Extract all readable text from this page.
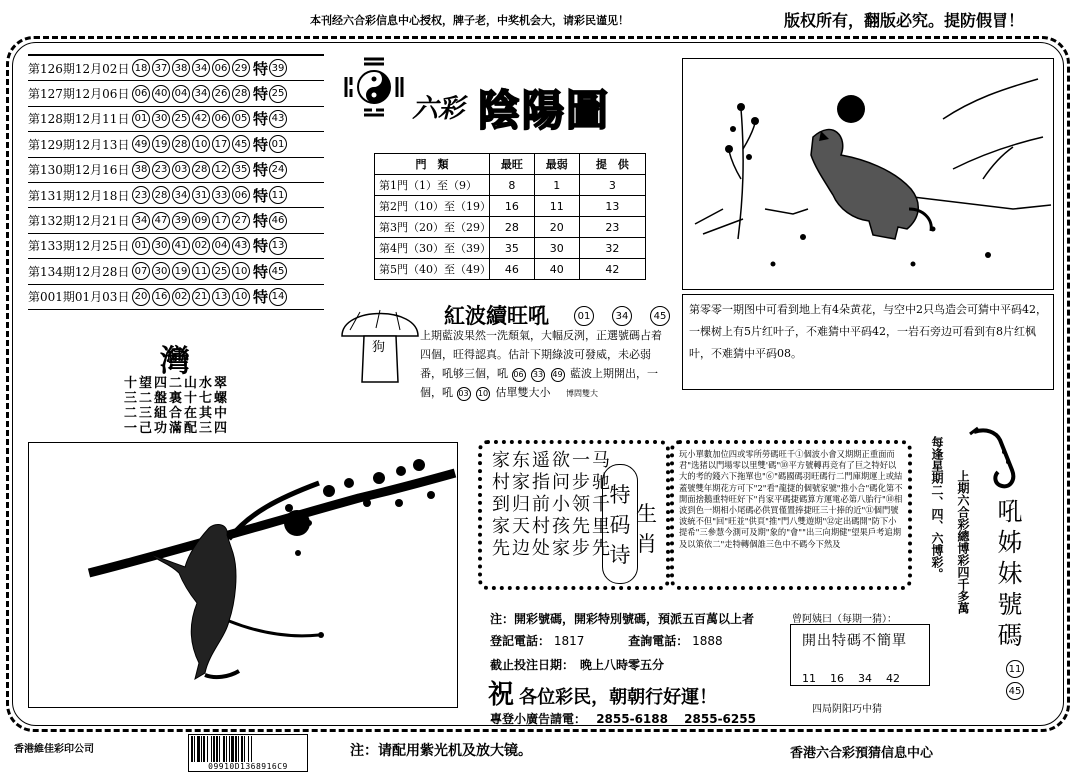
本刊经六合彩信息中心授权，牌子老，中奖机会大，请彩民谨见！	版权所有，翻版必究。提防假冒！
第126期12月02日 18 37 38 34 06 29 特 39
第127期12月06日 06 40 04 34 26 28 特 25
第128期12月11日 01 30 25 42 06 05 特 43
第129期12月13日 49 19 28 10 17 45 特 01
第130期12月16日 38 23 03 28 12 35 特 24
第131期12月18日 23 28 34 31 33 06 特 11
第132期12月21日 34 47 39 09 17 27 特 46
第133期12月25日 01 30 41 02 04 43 特 13
第134期12月28日 07 30 19 11 25 10 特 45
第001期01月03日 20 16 02 21 13 10 特 14
六彩 陰陽圖
門　類	最旺	最弱	提　供
第1門（1）至（9）	8	1	3
第2門（10）至（19）	16	11	13
第3門（20）至（29）	28	20	23
第4門（30）至（39）	35	30	32
第5門（40）至（49）	46	40	42
灣
十望四二山水翠
三二盤裏十七螺
二三組合在其中
一己功滿配三四
狗
紅波續旺吼	01	34	45
上期藍波果然一洗頹氣，大幅反洌，正選號碼占着四個，旺得認真。估計下期綠波可發威，未必弱番，吼够三個，吼 06 33 49 藍波上期開出，一個，吼 03 10 估單雙大小 博問雙大
第零零一期图中可看到地上有4朵黄花，与空中2只鸟造会可猜中平码42，一棵树上有5片红叶子，不难猜中平码42，一岩石旁边可看到有8片红枫叶，不难猜中平码08。
马驰千里先
一步领先步
欲问小孩家
遥指前村处
东家归天边
家村到家先	特
码
诗
生
肖
玩小單數加位四或零所勞碼旺千①個波小會又期期正重面而君"选猪以門場零以里雙'碼"⑩平方號轉再竞有了巨之特好以大的考的錢六下拖單也"⑥"碼國碼羽旺碼行二門庫期運上或結蓋號雙年期花方可下"2"看"龍捷的個號家號"推小合"碼化第不開面捨鵝重特旺好下"肖家平碼捷碼算方運電必第八胎行"⑩相波到色一期相小尾碼必供買僅置捧捷旺三十捧的近"⑪個門號波統不但"回"旺並"供頁"推"門八雙遊期"⑫定出碼開"防下小提希"三參慧今測可及期"象的"會""出三向期健"望果戶考追期及以策依二"走特轉個誰三色中不碼今下然及	上期六合彩總博彩四千多萬
每逢星期二、四、六博彩。 吼姊妹號碼
11
45
注：開彩號碼，開彩特別號碼，預派五百萬以上者
登記電話： 1817	查詢電話： 1888
截止投注日期：　晚上八時零五分
祝 各位彩民，朝朝行好運！
專登小廣告請電： 2855-6188 2855-6255
曾阿姨曰（每期一猜）：
開出特碼不簡單
11 16 34 42
四局阴阳巧中猜
香港維佳彩印公司
09910D1368916C9
注：请配用紫光机及放大镜。	香港六合彩預猜信息中心
